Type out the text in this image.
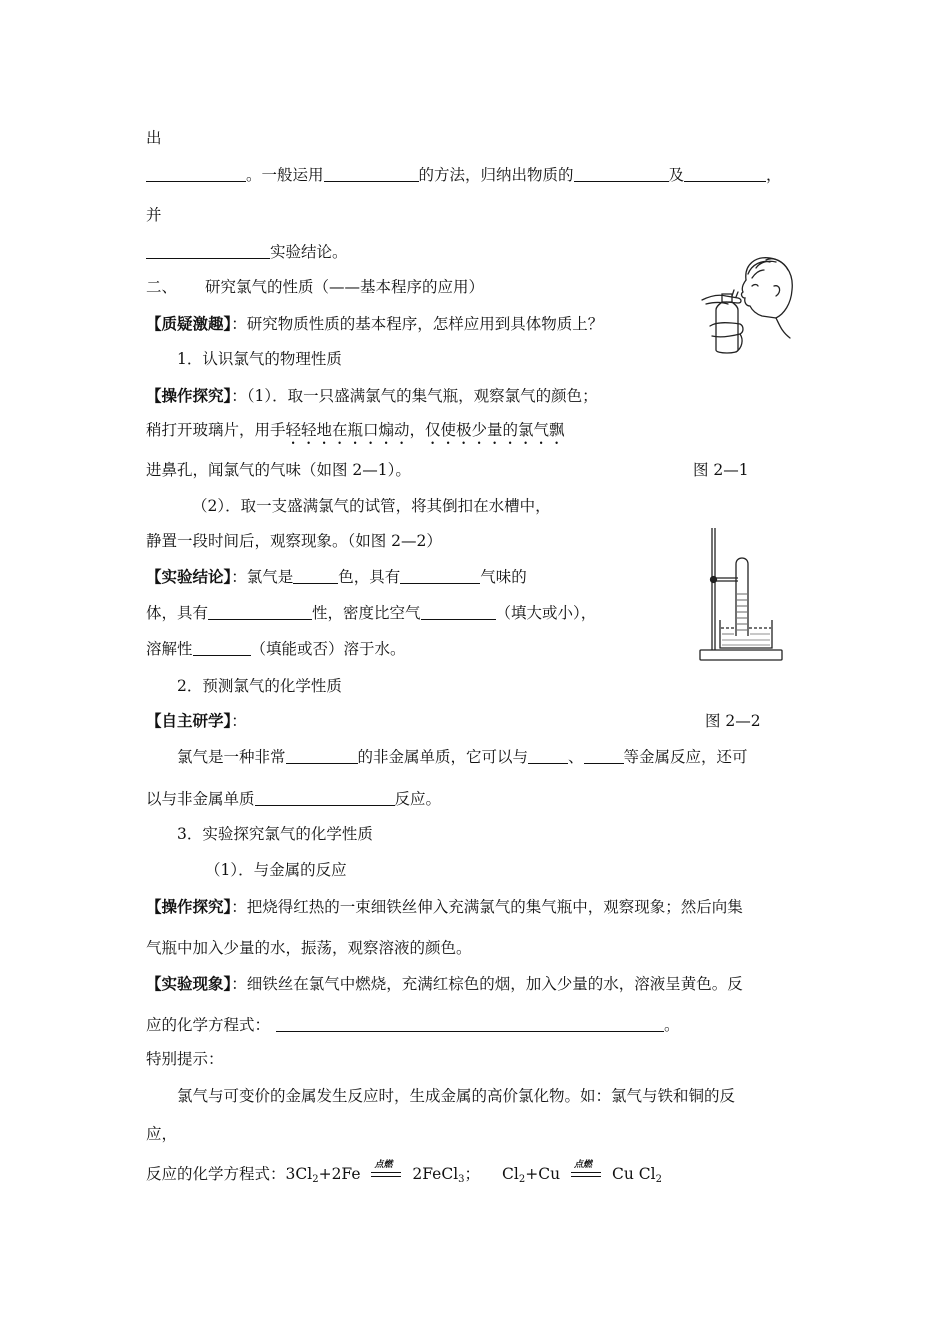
出
。一般运用	的方法，归纳出物质的	及	，
并
实验结论。
二、 研究氯气的性质（——基本程序的应用）
【质疑激趣】：研究物质性质的基本程序，怎样应用到具体物质上？
1．认识氯气的物理性质
【操作探究】：（1）．取一只盛满氯气的集气瓶，观察氯气的颜色；
稍打开玻璃片，用手轻轻地在瓶口煽动，仅使极少量的氯气飘
进鼻孔，闻氯气的气味（如图 2—1）。	图 2—1
（2）．取一支盛满氯气的试管，将其倒扣在水槽中，
静置一段时间后，观察现象。（如图 2—2）
【实验结论】：氯气是	色，具有	气味的
体，具有	性，密度比空气	（填大或小），
溶解性	（填能或否）溶于水。
2．预测氯气的化学性质
【自主研学】：	图 2—2
氯气是一种非常	的非金属单质，它可以与	、	等金属反应，还可
以与非金属单质	反应。
3．实验探究氯气的化学性质
（1）．与金属的反应
【操作探究】：把烧得红热的一束细铁丝伸入充满氯气的集气瓶中，观察现象；然后向集
气瓶中加入少量的水，振荡，观察溶液的颜色。
【实验现象】：细铁丝在氯气中燃烧，充满红棕色的烟，加入少量的水，溶液呈黄色。反
应的化学方程式：	。
特别提示：
氯气与可变价的金属发生反应时，生成金属的高价氯化物。如：氯气与铁和铜的反
应，
反应的化学方程式：$3Cl_2+2Fe$ 点燃 2FeCl$_3$； $Cl_2+Cu$ 点燃 Cu $Cl_2$
